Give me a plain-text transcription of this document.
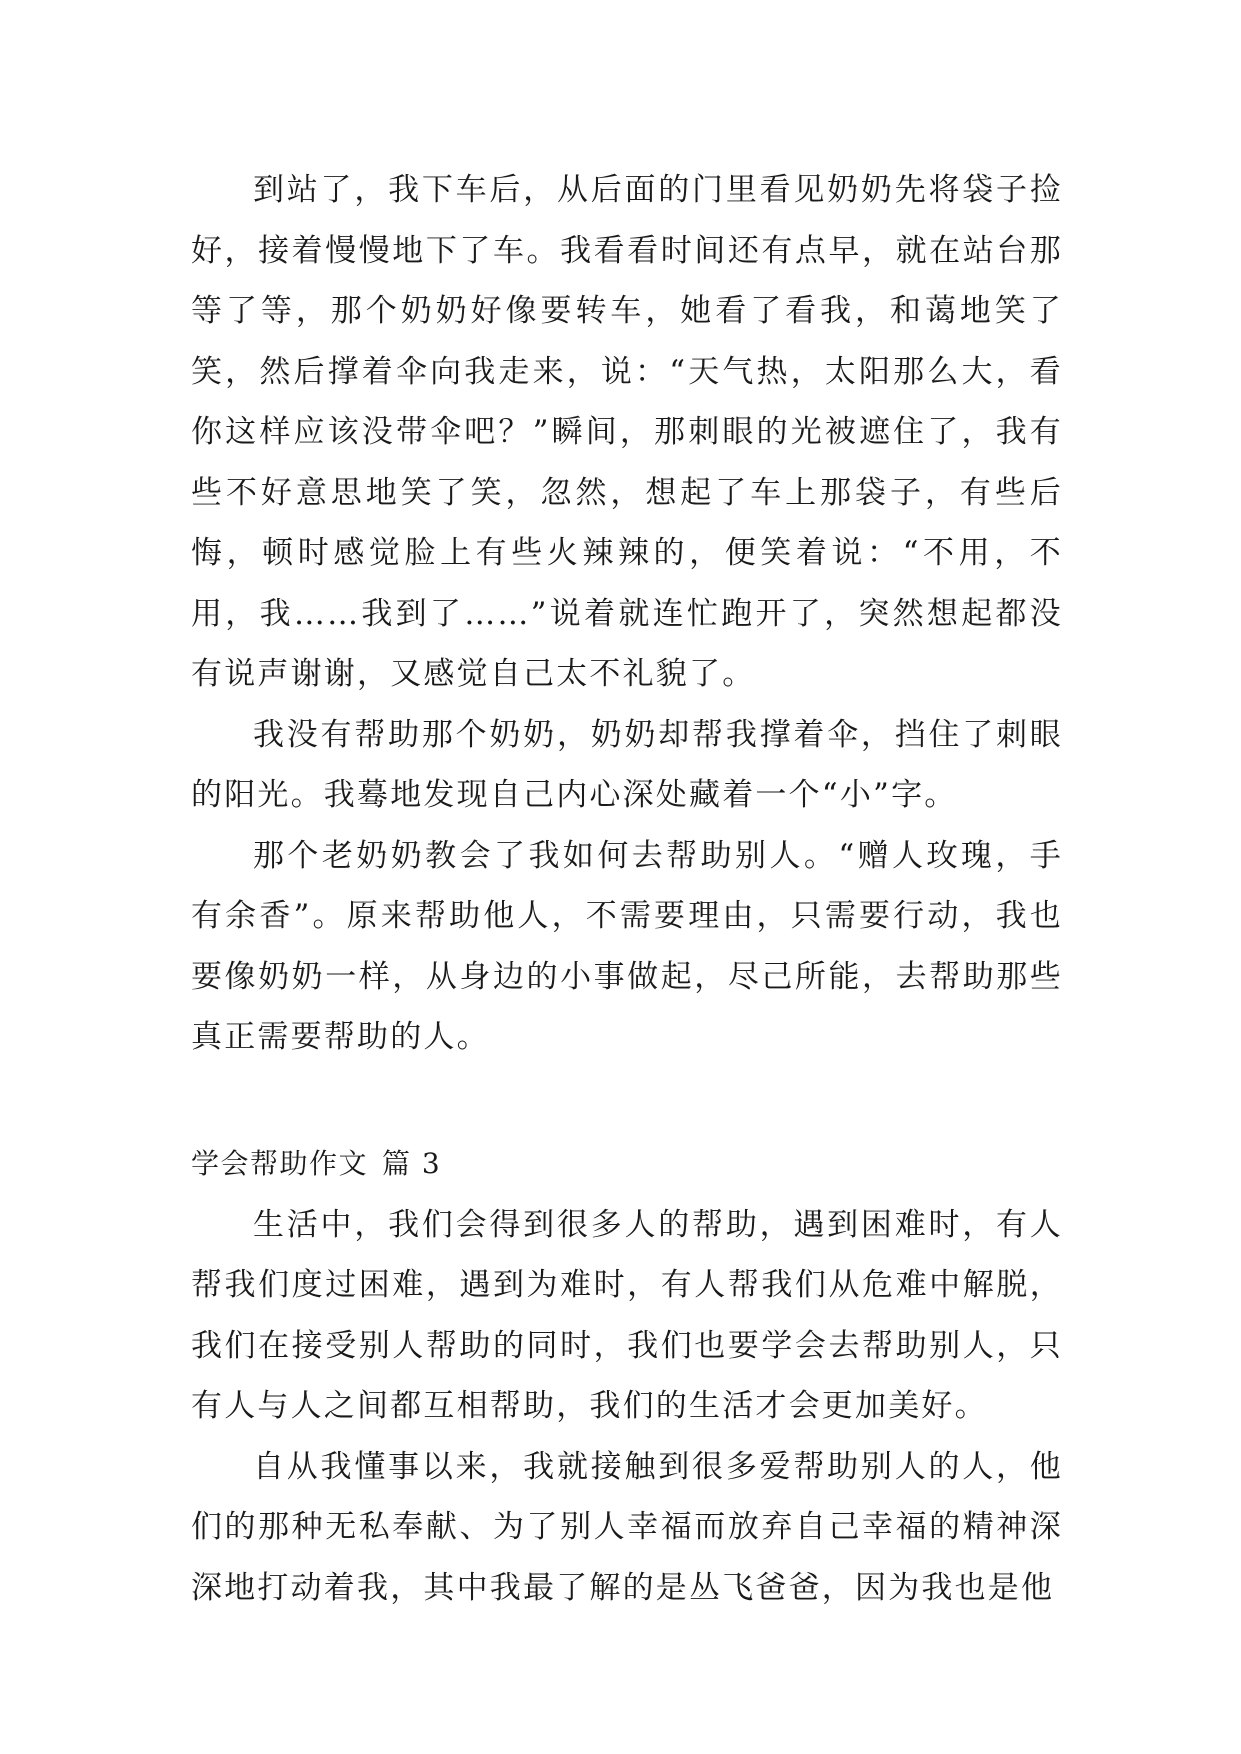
到站了，我下车后，从后面的门里看见奶奶先将袋子捡好，接着慢慢地下了车。我看看时间还有点早，就在站台那等了等，那个奶奶好像要转车，她看了看我，和蔼地笑了笑，然后撑着伞向我走来，说：“天气热，太阳那么大，看你这样应该没带伞吧？”瞬间，那刺眼的光被遮住了，我有些不好意思地笑了笑，忽然，想起了车上那袋子，有些后悔，顿时感觉脸上有些火辣辣的，便笑着说：“不用，不用，我……我到了……”说着就连忙跑开了，突然想起都没有说声谢谢，又感觉自己太不礼貌了。

我没有帮助那个奶奶，奶奶却帮我撑着伞，挡住了刺眼的阳光。我蓦地发现自己内心深处藏着一个“小”字。

那个老奶奶教会了我如何去帮助别人。“赠人玫瑰，手有余香”。原来帮助他人，不需要理由，只需要行动，我也要像奶奶一样，从身边的小事做起，尽己所能，去帮助那些真正需要帮助的人。

学会帮助作文 篇 3

生活中，我们会得到很多人的帮助，遇到困难时，有人帮我们度过困难，遇到为难时，有人帮我们从危难中解脱，我们在接受别人帮助的同时，我们也要学会去帮助别人，只有人与人之间都互相帮助，我们的生活才会更加美好。

自从我懂事以来，我就接触到很多爱帮助别人的人，他们的那种无私奉献、为了别人幸福而放弃自己幸福的精神深深地打动着我，其中我最了解的是丛飞爸爸，因为我也是他
